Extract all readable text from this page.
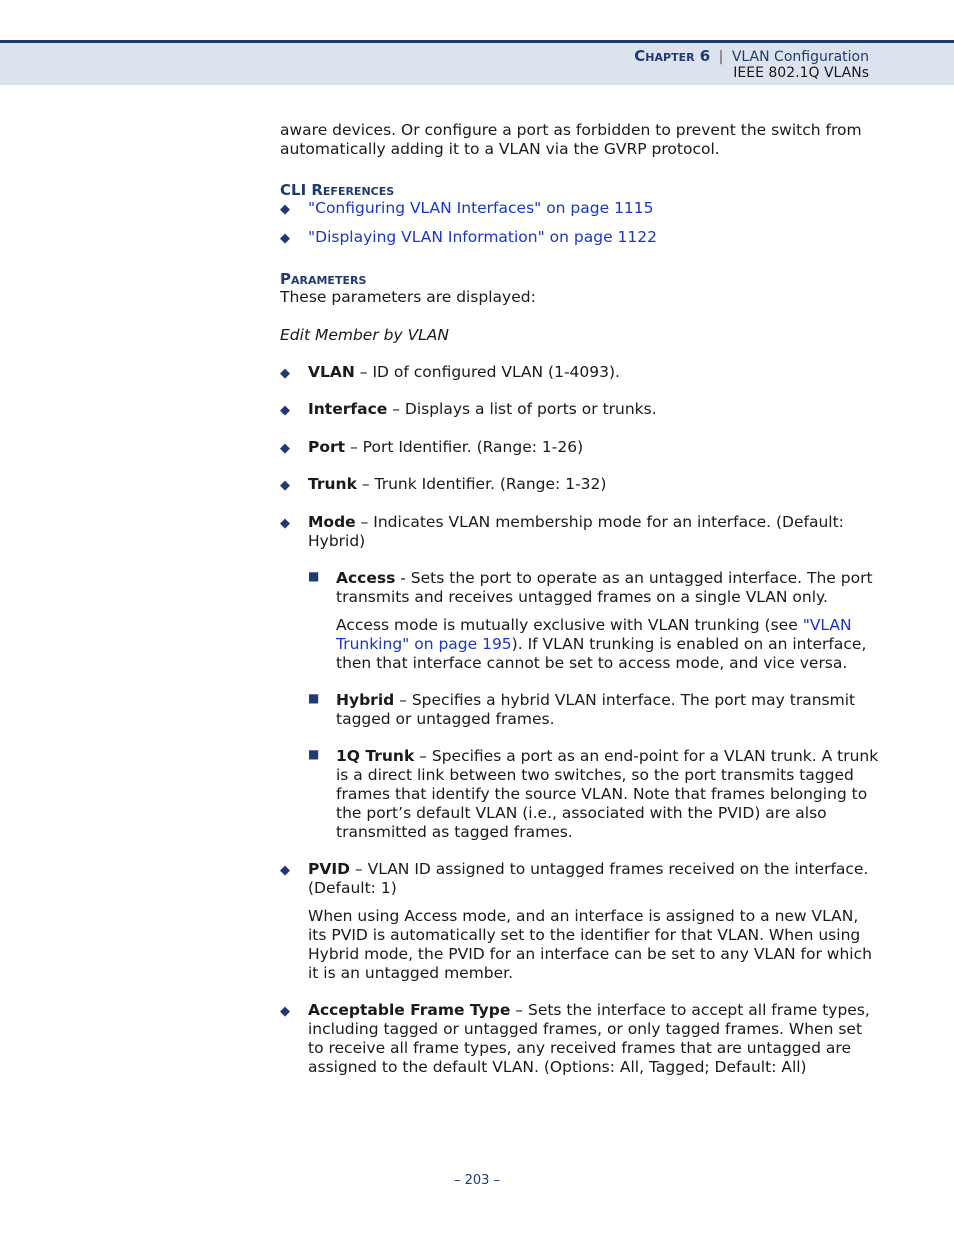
Chapter 6 | VLAN Configuration
IEEE 802.1Q VLANs

aware devices. Or configure a port as forbidden to prevent the switch from automatically adding it to a VLAN via the GVRP protocol.

CLI References
◆ "Configuring VLAN Interfaces" on page 1115
◆ "Displaying VLAN Information" on page 1122
Parameters

These parameters are displayed:

Edit Member by VLAN

◆ VLAN – ID of configured VLAN (1-4093).
◆ Interface – Displays a list of ports or trunks.
◆ Port – Port Identifier. (Range: 1-26)
◆ Trunk – Trunk Identifier. (Range: 1-32)
◆ Mode – Indicates VLAN membership mode for an interface. (Default: Hybrid)
■ Access - Sets the port to operate as an untagged interface. The port transmits and receives untagged frames on a single VLAN only.

Access mode is mutually exclusive with VLAN trunking (see "VLAN Trunking" on page 195). If VLAN trunking is enabled on an interface, then that interface cannot be set to access mode, and vice versa.

■ Hybrid – Specifies a hybrid VLAN interface. The port may transmit tagged or untagged frames.
■ 1Q Trunk – Specifies a port as an end-point for a VLAN trunk. A trunk is a direct link between two switches, so the port transmits tagged frames that identify the source VLAN. Note that frames belonging to the port’s default VLAN (i.e., associated with the PVID) are also transmitted as tagged frames.
◆ PVID – VLAN ID assigned to untagged frames received on the interface. (Default: 1)

When using Access mode, and an interface is assigned to a new VLAN, its PVID is automatically set to the identifier for that VLAN. When using Hybrid mode, the PVID for an interface can be set to any VLAN for which it is an untagged member.

◆ Acceptable Frame Type – Sets the interface to accept all frame types, including tagged or untagged frames, or only tagged frames. When set to receive all frame types, any received frames that are untagged are assigned to the default VLAN. (Options: All, Tagged; Default: All)
– 203 –
